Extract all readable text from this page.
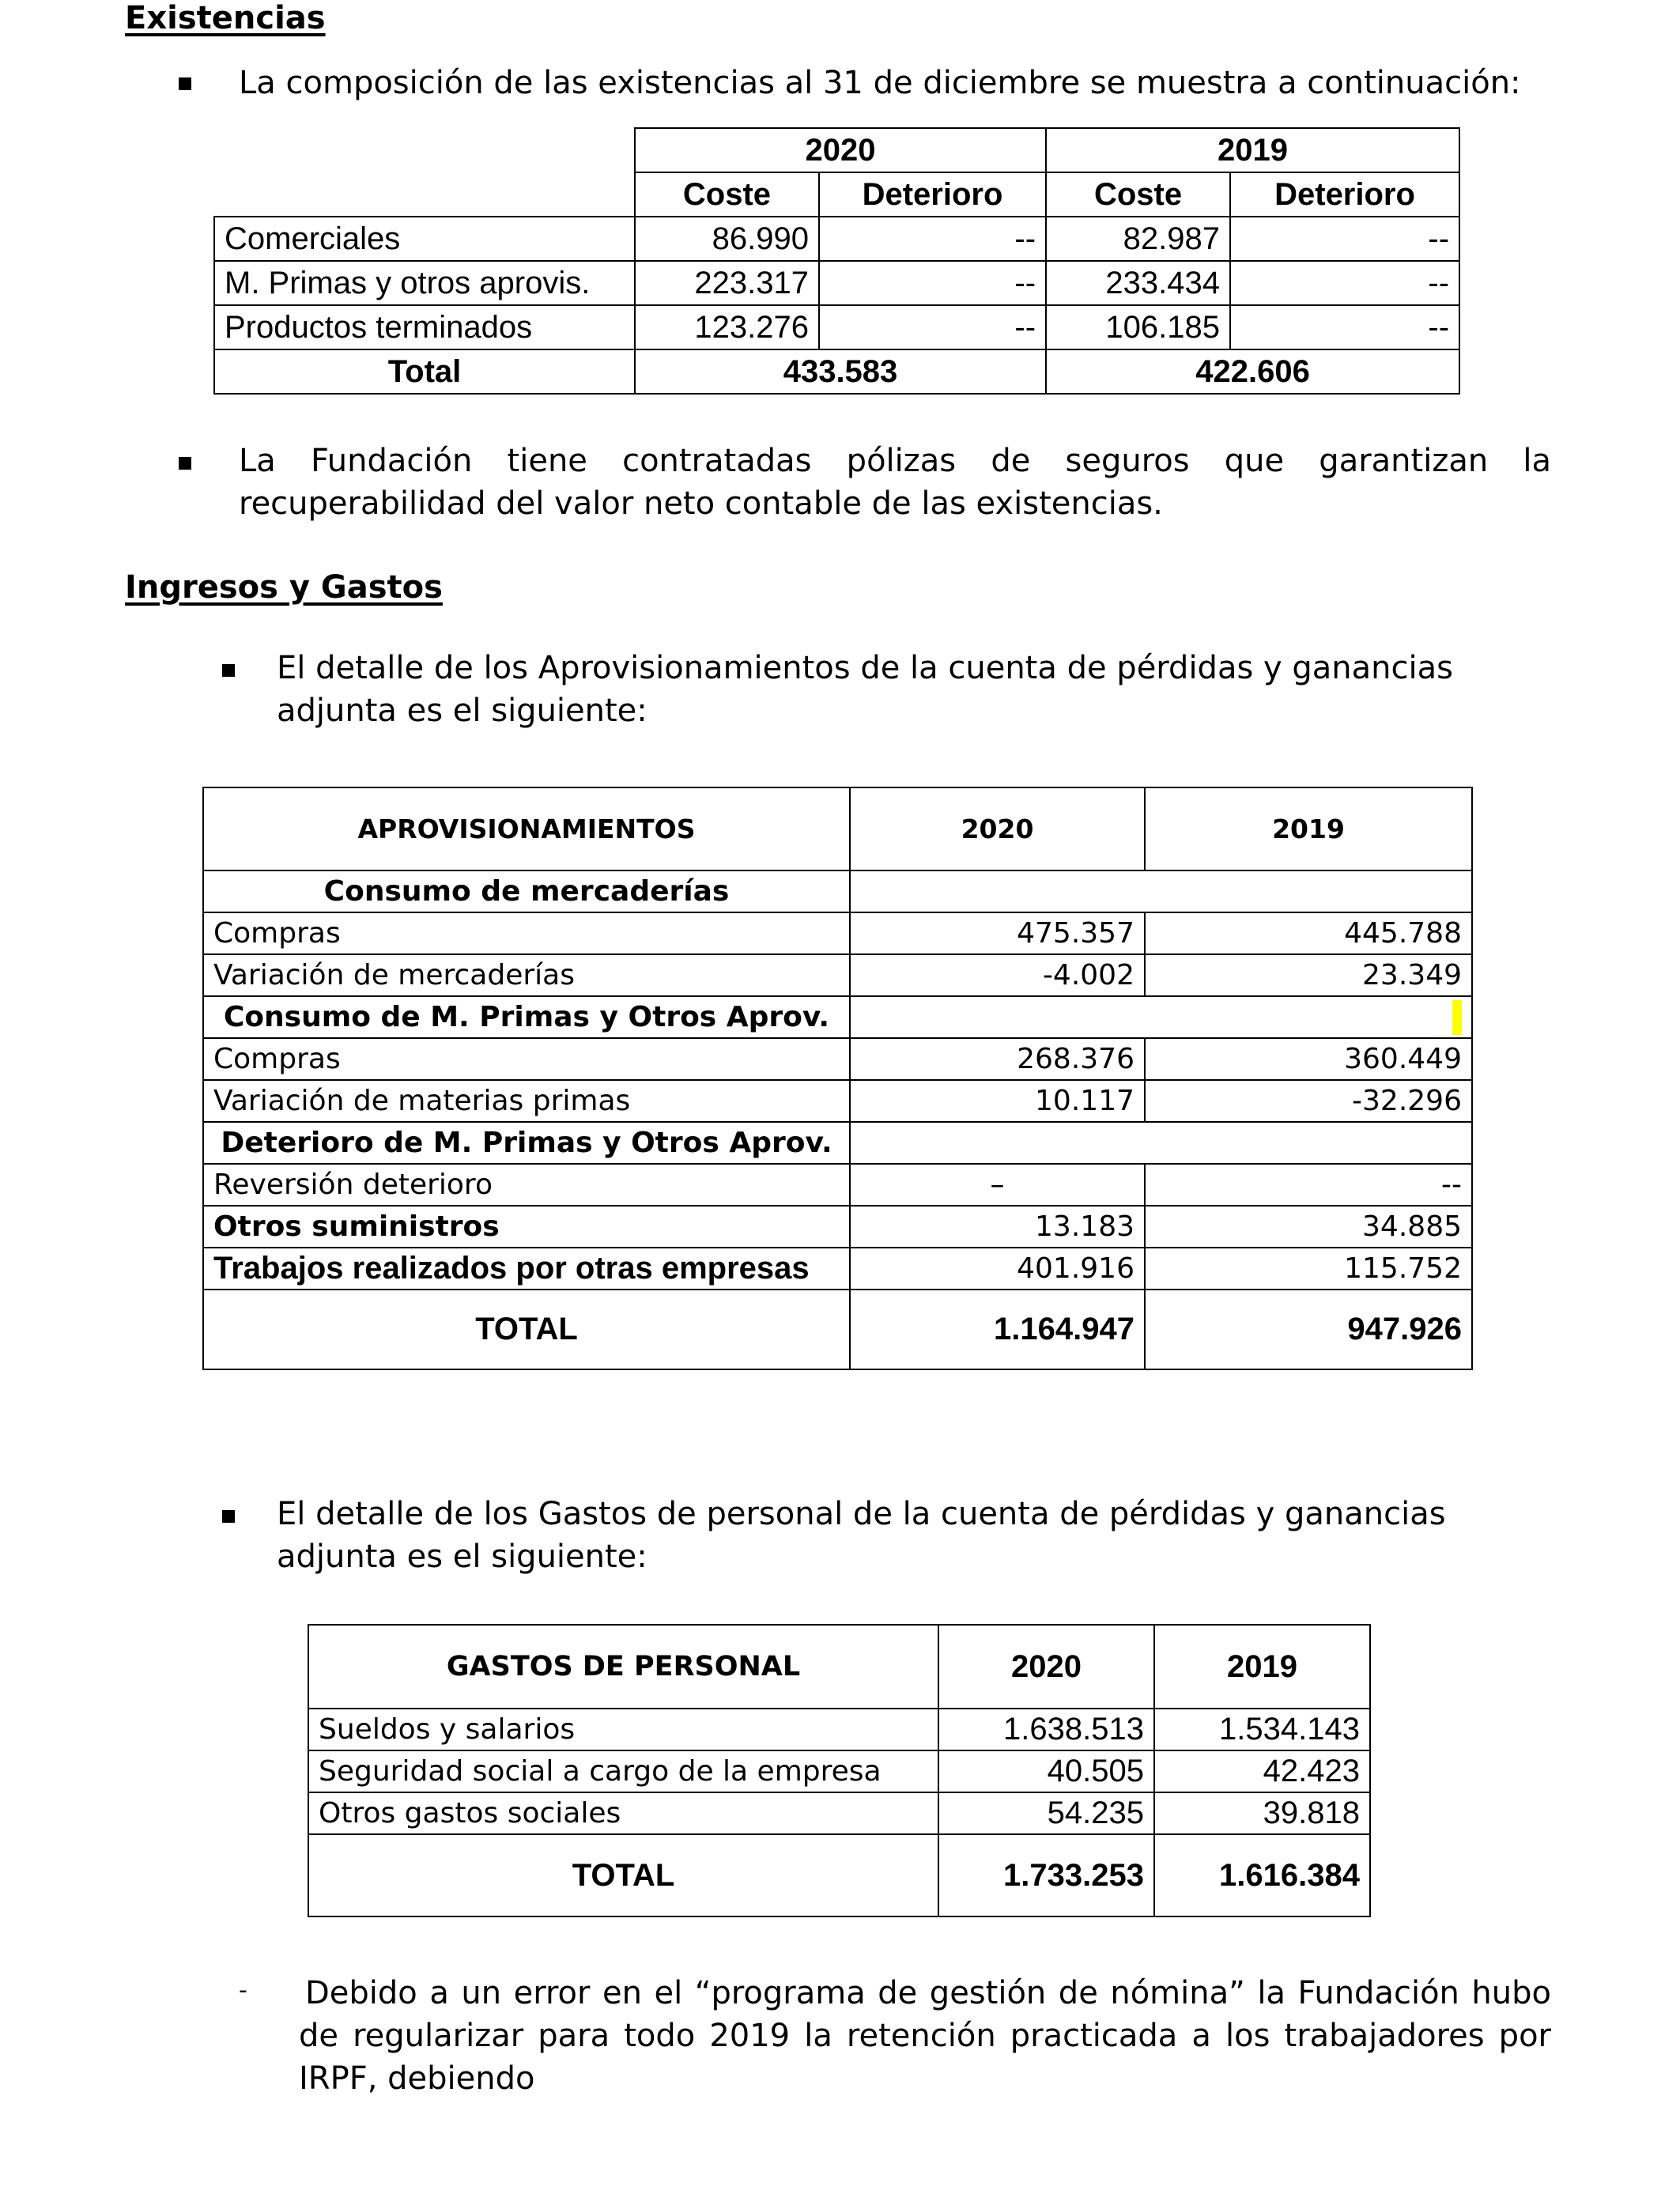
Existencias
La composición de las existencias al 31 de diciembre se muestra a continuación:
	2020		2019	
	Coste	Deterioro	Coste	Deterioro
Comerciales	86.990	--	82.987	--
M. Primas y otros aprovis.	223.317	--	233.434	--
Productos terminados	123.276	--	106.185	--
Total	433.583		422.606	
La Fundación tiene contratadas pólizas de seguros que garantizan la recuperabilidad del valor neto contable de las existencias.
Ingresos y Gastos
El detalle de los Aprovisionamientos de la cuenta de pérdidas y ganancias adjunta es el siguiente:
APROVISIONAMIENTOS	2020	2019
Consumo de mercaderías		
Compras	475.357	445.788
Variación de mercaderías	-4.002	23.349
Consumo de M. Primas y Otros Aprov.		
Compras	268.376	360.449
Variación de materias primas	10.117	-32.296
Deterioro de M. Primas y Otros Aprov.		
Reversión deterioro	–	--
Otros suministros	13.183	34.885
Trabajos realizados por otras empresas	401.916	115.752
TOTAL	1.164.947	947.926
El detalle de los Gastos de personal de la cuenta de pérdidas y ganancias adjunta es el siguiente:
GASTOS DE PERSONAL	2020	2019
Sueldos y salarios	1.638.513	1.534.143
Seguridad social a cargo de la empresa	40.505	42.423
Otros gastos sociales	54.235	39.818
TOTAL	1.733.253	1.616.384
- Debido a un error en el “programa de gestión de nómina” la Fundación hubo de regularizar para todo 2019 la retención practicada a los trabajadores por IRPF, debiendo
